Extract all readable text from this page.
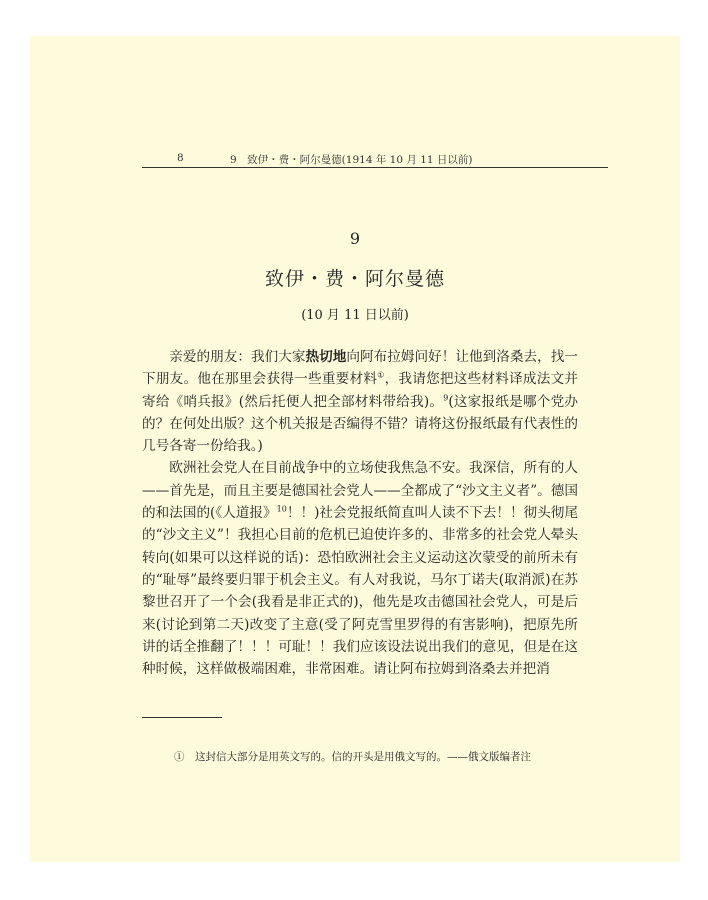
8	9　致伊・费・阿尔曼德(1914 年 10 月 11 日以前)
9
致伊・费・阿尔曼德
(10 月 11 日以前)

亲爱的朋友：我们大家热切地向阿布拉姆问好！让他到洛桑去，找一下朋友。他在那里会获得一些重要材料①，我请您把这些材料译成法文并寄给《哨兵报》(然后托便人把全部材料带给我)。$^9$(这家报纸是哪个党办的？在何处出版？这个机关报是否编得不错？请将这份报纸最有代表性的几号各寄一份给我。)

欧洲社会党人在目前战争中的立场使我焦急不安。我深信，所有的人——首先是，而且主要是德国社会党人——全都成了“沙文主义者”。德国的和法国的(《人道报》$^{10}$！！)社会党报纸简直叫人读不下去！！彻头彻尾的“沙文主义”！我担心目前的危机已迫使许多的、非常多的社会党人晕头转向(如果可以这样说的话)：恐怕欧洲社会主义运动这次蒙受的前所未有的“耻辱”最终要归罪于机会主义。有人对我说，马尔丁诺夫(取消派)在苏黎世召开了一个会(我看是非正式的)，他先是攻击德国社会党人，可是后来(讨论到第二天)改变了主意(受了阿克雪里罗得的有害影响)，把原先所讲的话全推翻了！！！可耻！！我们应该设法说出我们的意见，但是在这种时候，这样做极端困难，非常困难。请让阿布拉姆到洛桑去并把消

①　这封信大部分是用英文写的。信的开头是用俄文写的。——俄文版编者注
